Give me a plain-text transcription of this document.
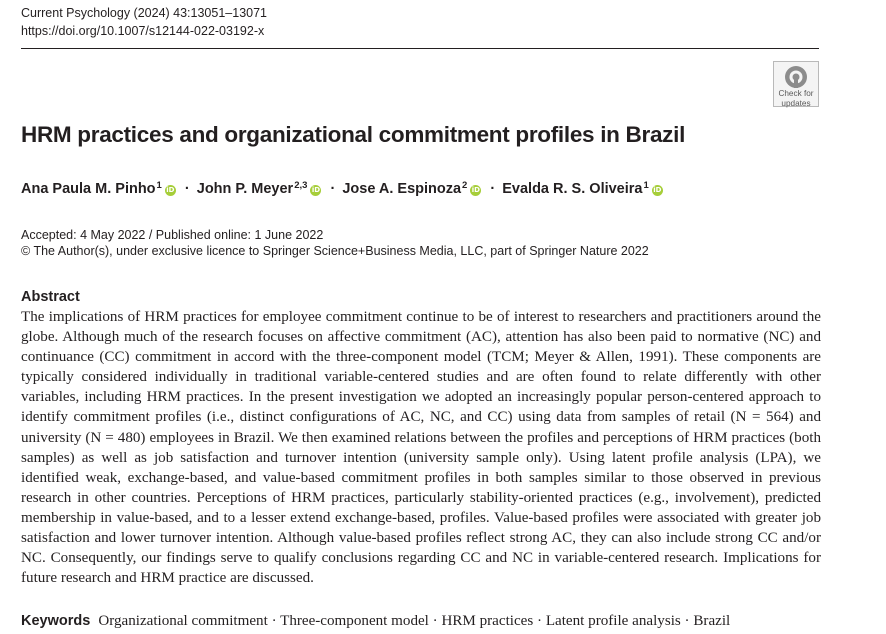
Current Psychology (2024) 43:13051–13071
https://doi.org/10.1007/s12144-022-03192-x
Check for
updates
HRM practices and organizational commitment profiles in Brazil
Ana Paula M. Pinho$^1$ iD · John P. Meyer$^{2,3}$ iD · Jose A. Espinoza$^2$ iD · Evalda R. S. Oliveira$^1$ iD
Accepted: 4 May 2022 / Published online: 1 June 2022
© The Author(s), under exclusive licence to Springer Science+Business Media, LLC, part of Springer Nature 2022
Abstract

The implications of HRM practices for employee commitment continue to be of interest to researchers and practitioners around the globe. Although much of the research focuses on affective commitment (AC), attention has also been paid to normative (NC) and continuance (CC) commitment in accord with the three-component model (TCM; Meyer & Allen, 1991). These components are typically considered individually in traditional variable-centered studies and are often found to relate differently with other variables, including HRM practices. In the present investigation we adopted an increasingly popular person-centered approach to identify commitment profiles (i.e., distinct configurations of AC, NC, and CC) using data from samples of retail (N = 564) and university (N = 480) employees in Brazil. We then examined relations between the profiles and perceptions of HRM practices (both samples) as well as job satisfaction and turnover intention (university sample only). Using latent profile analysis (LPA), we identified weak, exchange-based, and value-based commitment profiles in both samples similar to those observed in previous research in other countries. Perceptions of HRM practices, particularly stability-oriented practices (e.g., involvement), predicted membership in value-based, and to a lesser extend exchange-based, profiles. Value-based profiles were associated with greater job satisfaction and lower turnover intention. Although value-based profiles reflect strong AC, they can also include strong CC and/or NC. Consequently, our findings serve to qualify conclusions regarding CC and NC in variable-centered research. Implications for future research and HRM practice are discussed.

Keywords Organizational commitment · Three-component model · HRM practices · Latent profile analysis · Brazil
